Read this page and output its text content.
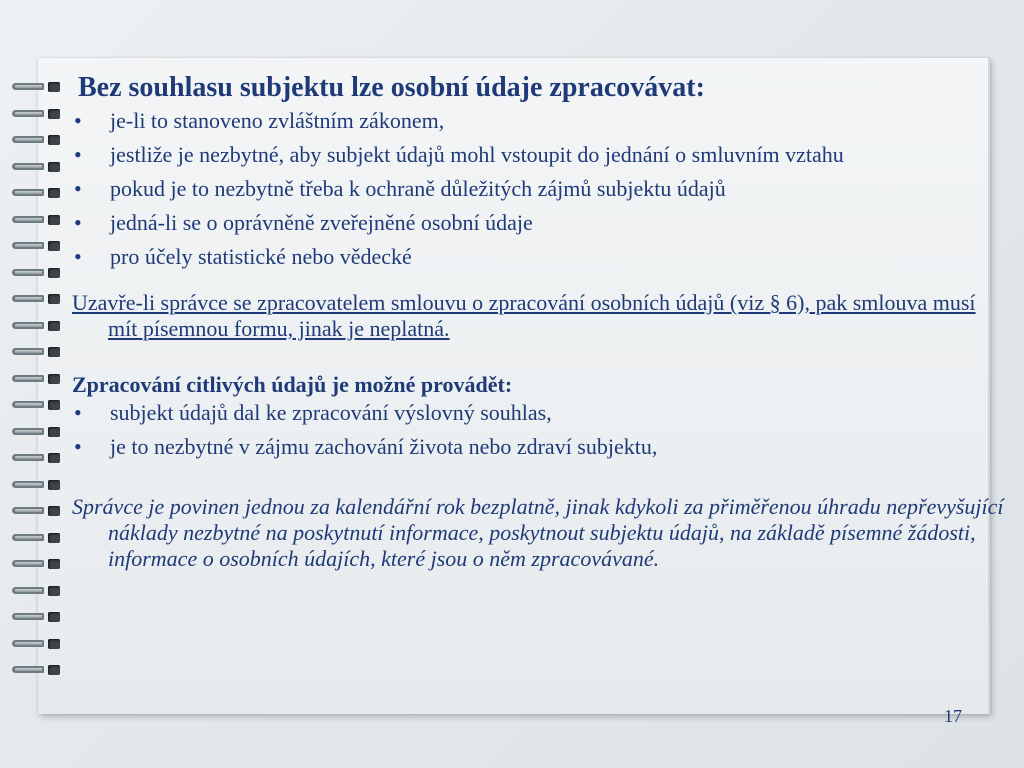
Bez souhlasu subjektu lze osobní údaje zpracovávat:
• je-li to stanoveno zvláštním zákonem,
• jestliže je nezbytné, aby subjekt údajů mohl vstoupit do jednání o smluvním vztahu
• pokud je to nezbytně třeba k ochraně důležitých zájmů subjektu údajů
• jedná-li se o oprávněně zveřejněné osobní údaje
• pro účely statistické nebo vědecké
Uzavře-li správce se zpracovatelem smlouvu o zpracování osobních údajů (viz § 6), pak smlouva musí mít písemnou formu, jinak je neplatná.
Zpracování citlivých údajů je možné provádět:
• subjekt údajů dal ke zpracování výslovný souhlas,
• je to nezbytné v zájmu zachování života nebo zdraví subjektu,
Správce je povinen jednou za kalendářní rok bezplatně, jinak kdykoli za přiměřenou úhradu nepřevyšující náklady nezbytné na poskytnutí informace, poskytnout subjektu údajů, na základě písemné žádosti, informace o osobních údajích, které jsou o něm zpracovávané.
17
